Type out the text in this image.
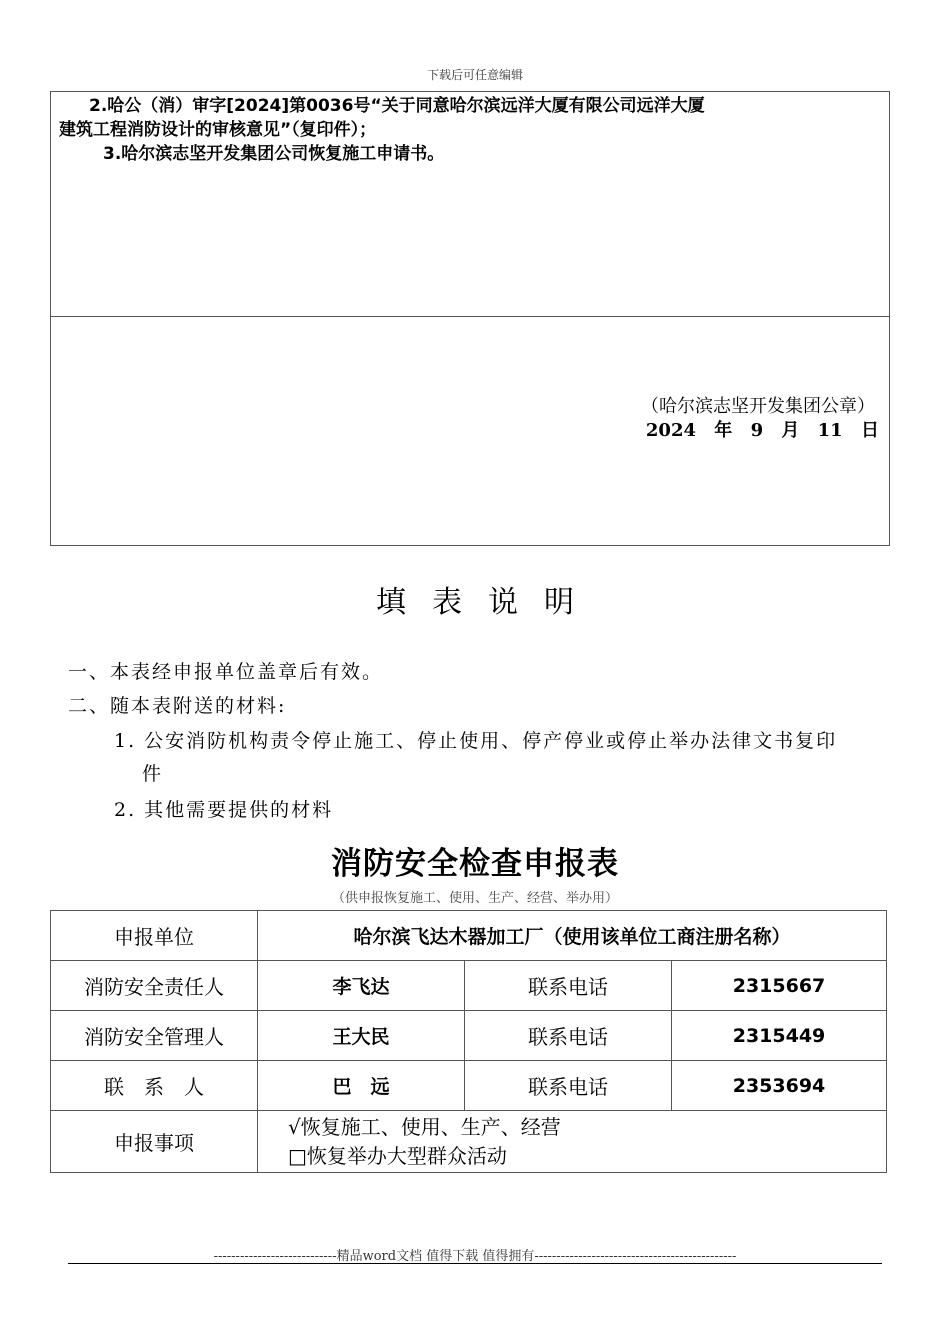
下载后可任意编辑
2.哈公（消）审字[2024]第0036号“关于同意哈尔滨远洋大厦有限公司远洋大厦
建筑工程消防设计的审核意见”（复印件）；
3.哈尔滨志坚开发集团公司恢复施工申请书。
（哈尔滨志坚开发集团公章）
2024 年 9 月 11 日
填表说明
一、本表经申报单位盖章后有效。
二、随本表附送的材料:
1. 公安消防机构责令停止施工、停止使用、停产停业或停止举办法律文书复印
件
2. 其他需要提供的材料
消防安全检查申报表
（供申报恢复施工、使用、生产、经营、举办用）
申报单位	哈尔滨飞达木器加工厂（使用该单位工商注册名称）		
消防安全责任人	李飞达	联系电话	2315667
消防安全管理人	王大民	联系电话	2315449
联　系　人	巴　远	联系电话	2353694
申报事项	√恢复施工、使用、生产、经营
□恢复举办大型群众活动		
----------------------------精品word文档 值得下载 值得拥有----------------------------------------------
